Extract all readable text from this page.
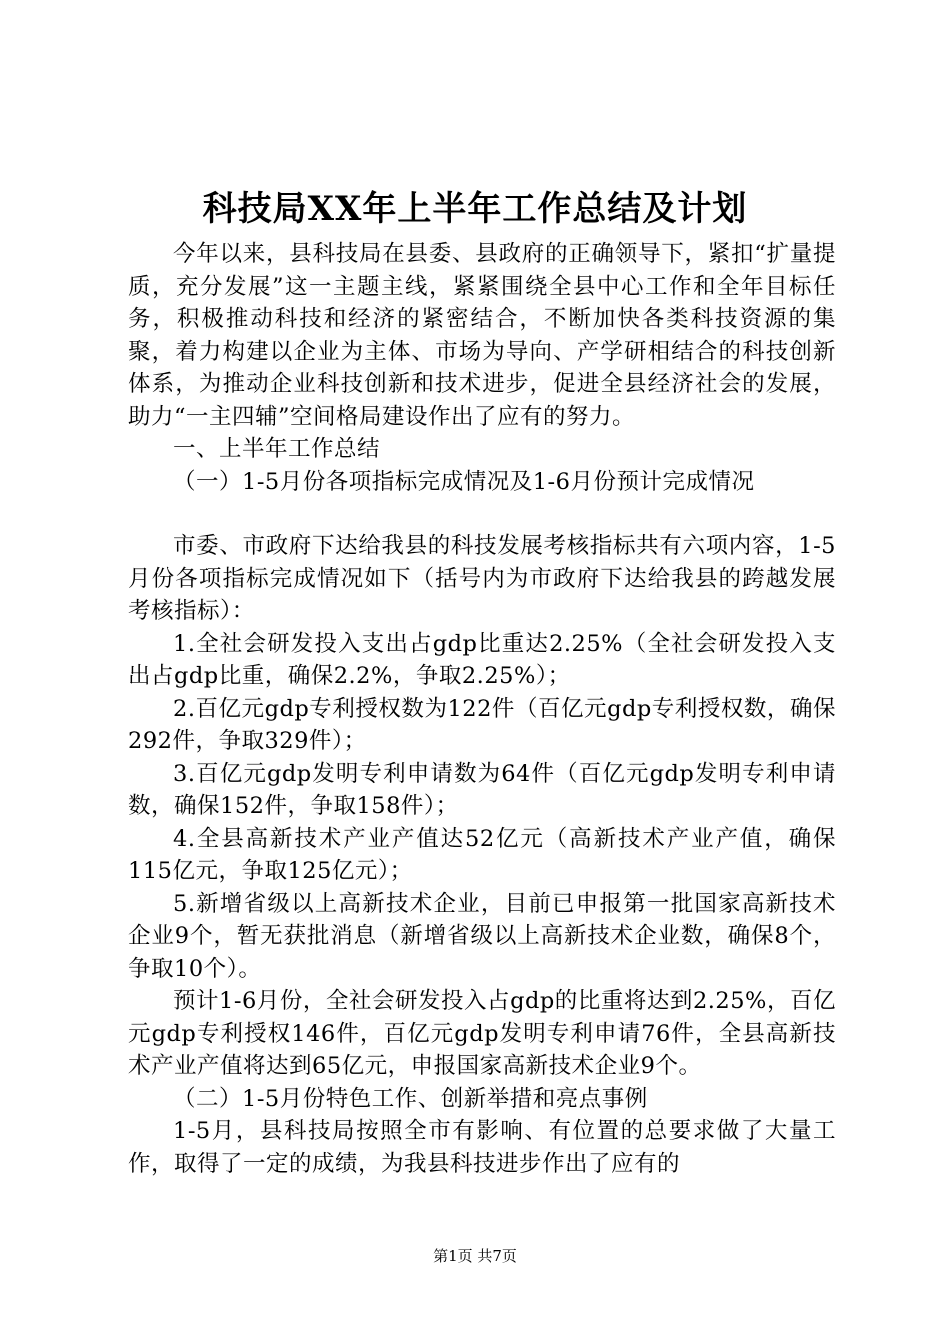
科技局XX年上半年工作总结及计划

今年以来，县科技局在县委、县政府的正确领导下，紧扣“扩量提质，充分发展”这一主题主线，紧紧围绕全县中心工作和全年目标任务，积极推动科技和经济的紧密结合，不断加快各类科技资源的集聚，着力构建以企业为主体、市场为导向、产学研相结合的科技创新体系，为推动企业科技创新和技术进步，促进全县经济社会的发展，助力“一主四辅”空间格局建设作出了应有的努力。

一、上半年工作总结

（一）1-5月份各项指标完成情况及1-6月份预计完成情况

市委、市政府下达给我县的科技发展考核指标共有六项内容，1-5月份各项指标完成情况如下（括号内为市政府下达给我县的跨越发展考核指标）：

1.全社会研发投入支出占gdp比重达2.25%（全社会研发投入支出占gdp比重，确保2.2%，争取2.25%）；

2.百亿元gdp专利授权数为122件（百亿元gdp专利授权数，确保292件，争取329件）；

3.百亿元gdp发明专利申请数为64件（百亿元gdp发明专利申请数，确保152件，争取158件）；

4.全县高新技术产业产值达52亿元（高新技术产业产值，确保115亿元，争取125亿元）；

5.新增省级以上高新技术企业，目前已申报第一批国家高新技术企业9个，暂无获批消息（新增省级以上高新技术企业数，确保8个，争取10个）。

预计1-6月份，全社会研发投入占gdp的比重将达到2.25%，百亿元gdp专利授权146件，百亿元gdp发明专利申请76件，全县高新技术产业产值将达到65亿元，申报国家高新技术企业9个。

（二）1-5月份特色工作、创新举措和亮点事例

1-5月，县科技局按照全市有影响、有位置的总要求做了大量工作，取得了一定的成绩，为我县科技进步作出了应有的

第1页 共7页
